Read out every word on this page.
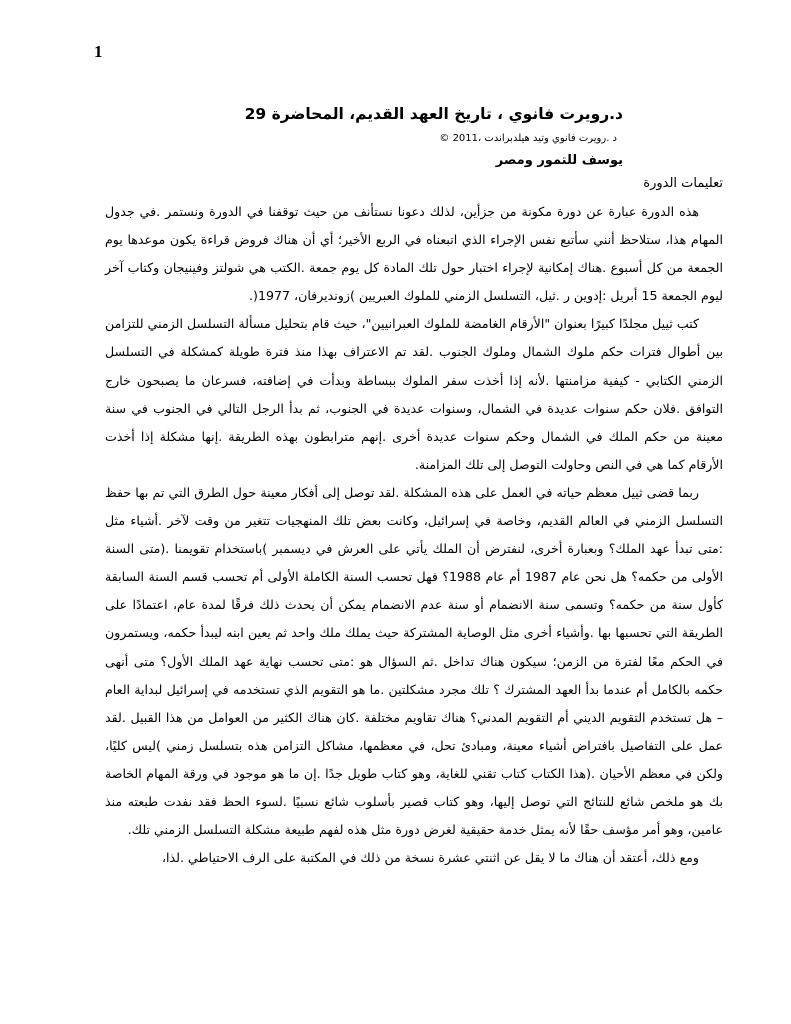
1

د.رويرت فانوي ، تاريخ العهد القديم، المحاضرة 29

د .رويرت فانوي وتيد هيلدبراندت ،2011 ©

يوسف للتمور ومصر

تعليمات الدورة

هذه الدورة عبارة عن دورة مكونة من جزأين، لذلك دعونا نستأنف من حيث توقفنا في الدورة ونستمر .في جدول المهام هذا، ستلاحظ أنني سأتبع نفس الإجراء الذي اتبعناه في الربع الأخير؛ أي أن هناك فروض قراءة يكون موعدها يوم الجمعة من كل أسبوع .هناك إمكانية لإجراء اختبار حول تلك المادة كل يوم جمعة .الكتب هي شولتز وفينيجان وكتاب آخر ليوم الجمعة 15 أبريل :إدوين ر .ثيل، التسلسل الزمني للملوك العبريين )زونديرفان، 1977(.

كتب ثييل مجلدًا كبيرًا بعنوان "الأرقام الغامضة للملوك العبرانيين"، حيث قام بتحليل مسألة التسلسل الزمني للتزامن بين أطوال فترات حكم ملوك الشمال وملوك الجنوب .لقد تم الاعتراف بهذا منذ فترة طويلة كمشكلة في التسلسل الزمني الكتابي - كيفية مزامنتها .لأنه إذا أخذت سفر الملوك ببساطة وبدأت في إضافته، فسرعان ما يصبحون خارج التوافق .فلان حكم سنوات عديدة في الشمال، وسنوات عديدة في الجنوب، ثم بدأ الرجل التالي في الجنوب في سنة معينة من حكم الملك في الشمال وحكم سنوات عديدة أخرى .إنهم مترابطون بهذه الطريقة .إنها مشكلة إذا أخذت الأرقام كما هي في النص وحاولت التوصل إلى تلك المزامنة.

ربما قضى ثييل معظم حياته في العمل على هذه المشكلة .لقد توصل إلى أفكار معينة حول الطرق التي تم بها حفظ التسلسل الزمني في العالم القديم، وخاصة في إسرائيل، وكانت بعض تلك المنهجيات تتغير من وقت لآخر .أشياء مثل :متى تبدأ عهد الملك؟ وبعبارة أخرى، لنفترض أن الملك يأتي على العرش في ديسمبر )باستخدام تقويمنا .(متى السنة الأولى من حكمه؟ هل نحن عام 1987 أم عام 1988؟ فهل تحسب السنة الكاملة الأولى أم تحسب قسم السنة السابقة كأول سنة من حكمه؟ وتسمى سنة الانضمام أو سنة عدم الانضمام يمكن أن يحدث ذلك فرقًا لمدة عام، اعتمادًا على الطريقة التي تحسبها بها .وأشياء أخرى مثل الوصاية المشتركة حيث يملك ملك واحد ثم يعين ابنه ليبدأ حكمه، ويستمرون في الحكم معًا لفترة من الزمن؛ سيكون هناك تداخل .ثم السؤال هو :متى تحسب نهاية عهد الملك الأول؟ متى أنهى حكمه بالكامل أم عندما بدأ العهد المشترك ؟ تلك مجرد مشكلتين .ما هو التقويم الذي تستخدمه في إسرائيل لبداية العام – هل تستخدم التقويم الديني أم التقويم المدني؟ هناك تقاويم مختلفة .كان هناك الكثير من العوامل من هذا القبيل .لقد عمل على التفاصيل بافتراض أشياء معينة، ومبادئ تحل، في معظمها، مشاكل التزامن هذه بتسلسل زمني )ليس كليًا، ولكن في معظم الأحيان .(هذا الكتاب كتاب تقني للغاية، وهو كتاب طويل جدًا .إن ما هو موجود في ورقة المهام الخاصة بك هو ملخص شائع للنتائج التي توصل إليها، وهو كتاب قصير بأسلوب شائع نسبيًا .لسوء الحظ فقد نفدت طبعته منذ عامين، وهو أمر مؤسف حقًا لأنه يمثل خدمة حقيقية لغرض دورة مثل هذه لفهم طبيعة مشكلة التسلسل الزمني تلك.

ومع ذلك، أعتقد أن هناك ما لا يقل عن اثنتي عشرة نسخة من ذلك في المكتبة على الرف الاحتياطي .لذا،
